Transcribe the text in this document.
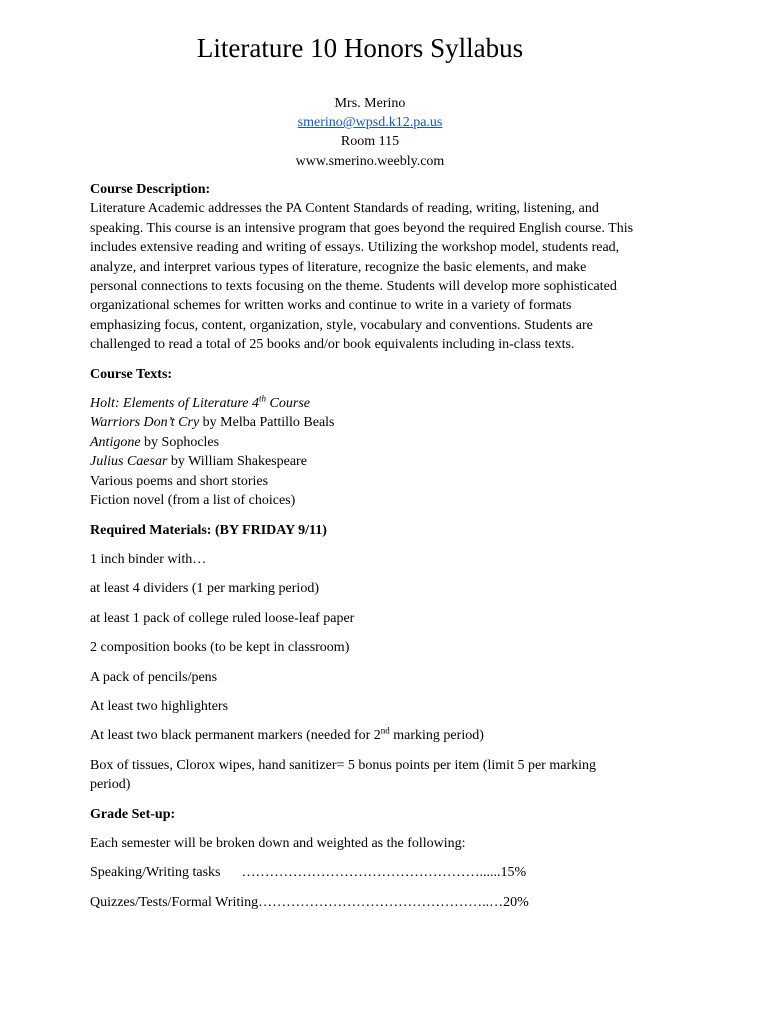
Literature 10 Honors Syllabus
Mrs. Merino
smerino@wpsd.k12.pa.us
Room 115
www.smerino.weebly.com
Course Description:
Literature Academic addresses the PA Content Standards of reading, writing, listening, and
speaking. This course is an intensive program that goes beyond the required English course. This
includes extensive reading and writing of essays. Utilizing the workshop model, students read,
analyze, and interpret various types of literature, recognize the basic elements, and make
personal connections to texts focusing on the theme. Students will develop more sophisticated
organizational schemes for written works and continue to write in a variety of formats
emphasizing focus, content, organization, style, vocabulary and conventions. Students are
challenged to read a total of 25 books and/or book equivalents including in-class texts.
Course Texts:
Holt: Elements of Literature 4th Course
Warriors Don’t Cry by Melba Pattillo Beals
Antigone by Sophocles
Julius Caesar by William Shakespeare
Various poems and short stories
Fiction novel (from a list of choices)
Required Materials: (BY FRIDAY 9/11)
1 inch binder with…
at least 4 dividers (1 per marking period)
at least 1 pack of college ruled loose-leaf paper
2 composition books (to be kept in classroom)
A pack of pencils/pens
At least two highlighters
At least two black permanent markers (needed for 2nd marking period)
Box of tissues, Clorox wipes, hand sanitizer= 5 bonus points per item (limit 5 per marking
period)
Grade Set-up:
Each semester will be broken down and weighted as the following:
Speaking/Writing tasks      ……………………………………………......15%
Quizzes/Tests/Formal Writing…………………………………………..…20%
